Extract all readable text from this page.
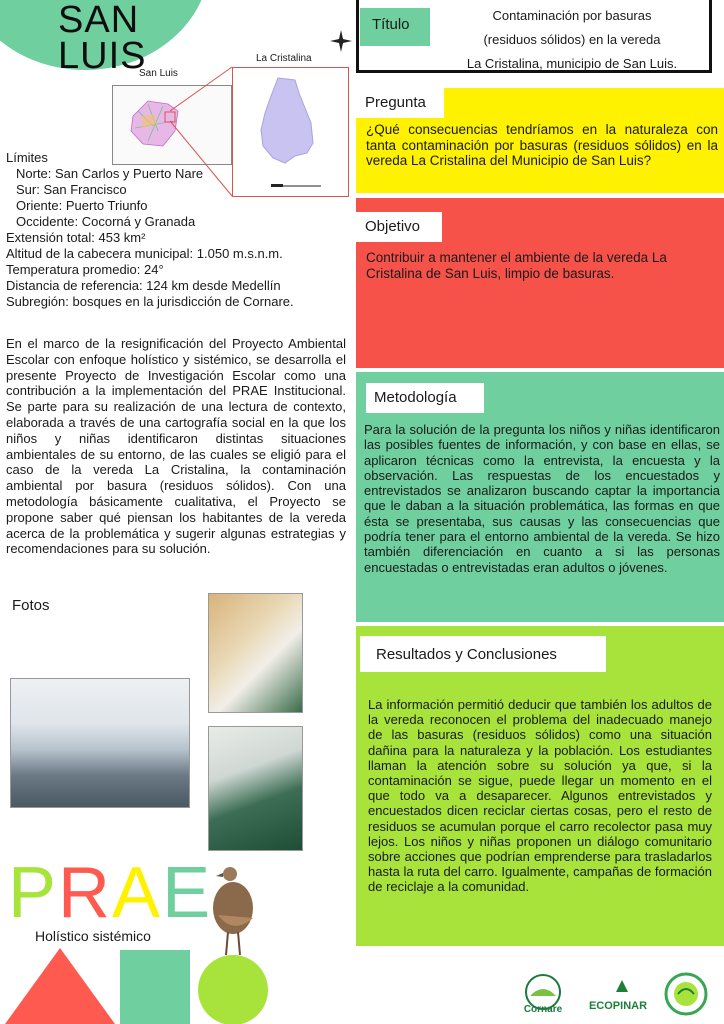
SAN
LUIS
San Luis
La Cristalina
Límites
Norte: San Carlos y Puerto Nare
Sur: San Francisco
Oriente: Puerto Triunfo
Occidente: Cocorná y Granada
Extensión total: 453 km²
Altitud de la cabecera municipal: 1.050 m.s.n.m.
Temperatura promedio: 24°
Distancia de referencia: 124 km desde Medellín
Subregión: bosques en la jurisdicción de Cornare.
En el marco de la resignificación del Proyecto Ambiental Escolar con enfoque holístico y sistémico, se desarrolla el presente Proyecto de Investigación Escolar como una contribución a la implementación del PRAE Institucional. Se parte para su realización de una lectura de contexto, elaborada a través de una cartografía social en la que los niños y niñas identificaron distintas situaciones ambientales de su entorno, de las cuales se eligió para el caso de la vereda La Cristalina, la contaminación ambiental por basura (residuos sólidos). Con una metodología básicamente cualitativa, el Proyecto se propone saber qué piensan los habitantes de la vereda acerca de la problemática y sugerir algunas estrategias y recomendaciones para su solución.
Fotos
PRAE
Holístico sistémico
Título
Contaminación por basuras
(residuos sólidos) en la vereda
La Cristalina, municipio de San Luis.
Pregunta
¿Qué consecuencias tendríamos en la naturaleza con tanta contaminación por basuras (residuos sólidos) en la vereda La Cristalina del Municipio de San Luis?
Objetivo
Contribuir a mantener el ambiente de la vereda La Cristalina de San Luis, limpio de basuras.
Metodología
Para la solución de la pregunta los niños y niñas identificaron las posibles fuentes de información, y con base en ellas, se aplicaron técnicas como la entrevista, la encuesta y la observación. Las respuestas de los encuestados y entrevistados se analizaron buscando captar la importancia que le daban a la situación problemática, las formas en que ésta se presentaba, sus causas y las consecuencias que podría tener para el entorno ambiental de la vereda. Se hizo también diferenciación en cuanto a si las personas encuestadas o entrevistadas eran adultos o jóvenes.
Resultados y Conclusiones
La información permitió deducir que también los adultos de la vereda reconocen el problema del inadecuado manejo de las basuras (residuos sólidos) como una situación dañina para la naturaleza y la población. Los estudiantes llaman la atención sobre su solución ya que, si la contaminación se sigue, puede llegar un momento en el que todo va a desaparecer. Algunos entrevistados y encuestados dicen reciclar ciertas cosas, pero el resto de residuos se acumulan porque el carro recolector pasa muy lejos. Los niños y niñas proponen un diálogo comunitario sobre acciones que podrían emprenderse para trasladarlos hasta la ruta del carro. Igualmente, campañas de formación de reciclaje a la comunidad.
Cornare	ECOPINAR
